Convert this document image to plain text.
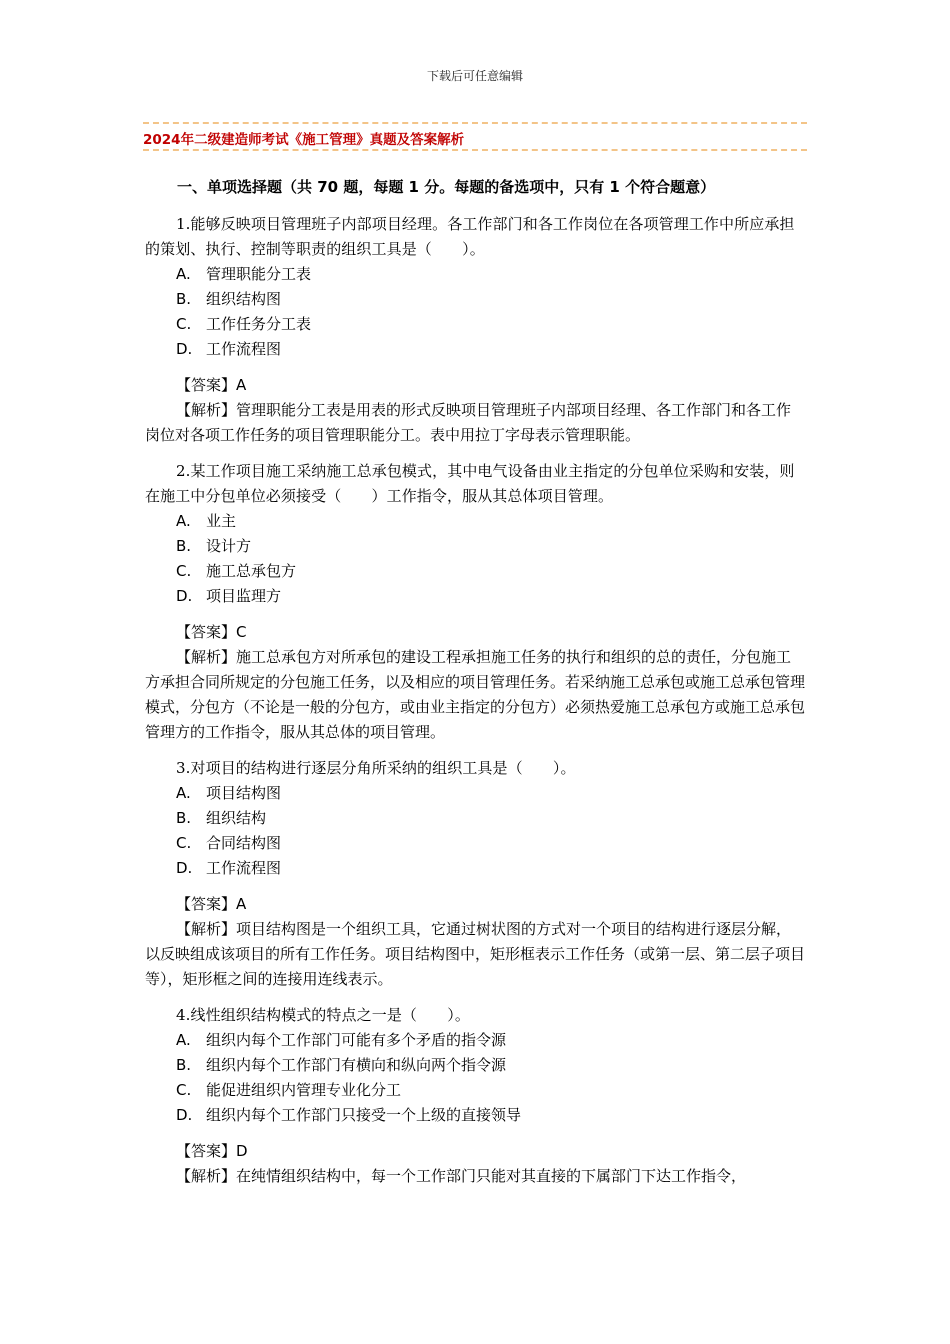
下载后可任意编辑
2024年二级建造师考试《施工管理》真题及答案解析
一、单项选择题（共 70 题，每题 1 分。每题的备选项中，只有 1 个符合题意）

1.能够反映项目管理班子内部项目经理。各工作部门和各工作岗位在各项管理工作中所应承担的策划、执行、控制等职责的组织工具是（　　）。

A. 管理职能分工表
B. 组织结构图
C. 工作任务分工表
D. 工作流程图

【答案】A

【解析】管理职能分工表是用表的形式反映项目管理班子内部项目经理、各工作部门和各工作岗位对各项工作任务的项目管理职能分工。表中用拉丁字母表示管理职能。

2.某工作项目施工采纳施工总承包模式，其中电气设备由业主指定的分包单位采购和安装，则在施工中分包单位必须接受（　　）工作指令，服从其总体项目管理。

A. 业主
B. 设计方
C. 施工总承包方
D. 项目监理方

【答案】C

【解析】施工总承包方对所承包的建设工程承担施工任务的执行和组织的总的责任，分包施工方承担合同所规定的分包施工任务，以及相应的项目管理任务。若采纳施工总承包或施工总承包管理模式，分包方（不论是一般的分包方，或由业主指定的分包方）必须热爱施工总承包方或施工总承包管理方的工作指令，服从其总体的项目管理。

3.对项目的结构进行逐层分角所采纳的组织工具是（　　）。

A. 项目结构图
B. 组织结构
C. 合同结构图
D. 工作流程图

【答案】A

【解析】项目结构图是一个组织工具，它通过树状图的方式对一个项目的结构进行逐层分解，以反映组成该项目的所有工作任务。项目结构图中，矩形框表示工作任务（或第一层、第二层子项目等），矩形框之间的连接用连线表示。

4.线性组织结构模式的特点之一是（　　）。

A. 组织内每个工作部门可能有多个矛盾的指令源
B. 组织内每个工作部门有横向和纵向两个指令源
C. 能促进组织内管理专业化分工
D. 组织内每个工作部门只接受一个上级的直接领导

【答案】D

【解析】在纯情组织结构中，每一个工作部门只能对其直接的下属部门下达工作指令，
